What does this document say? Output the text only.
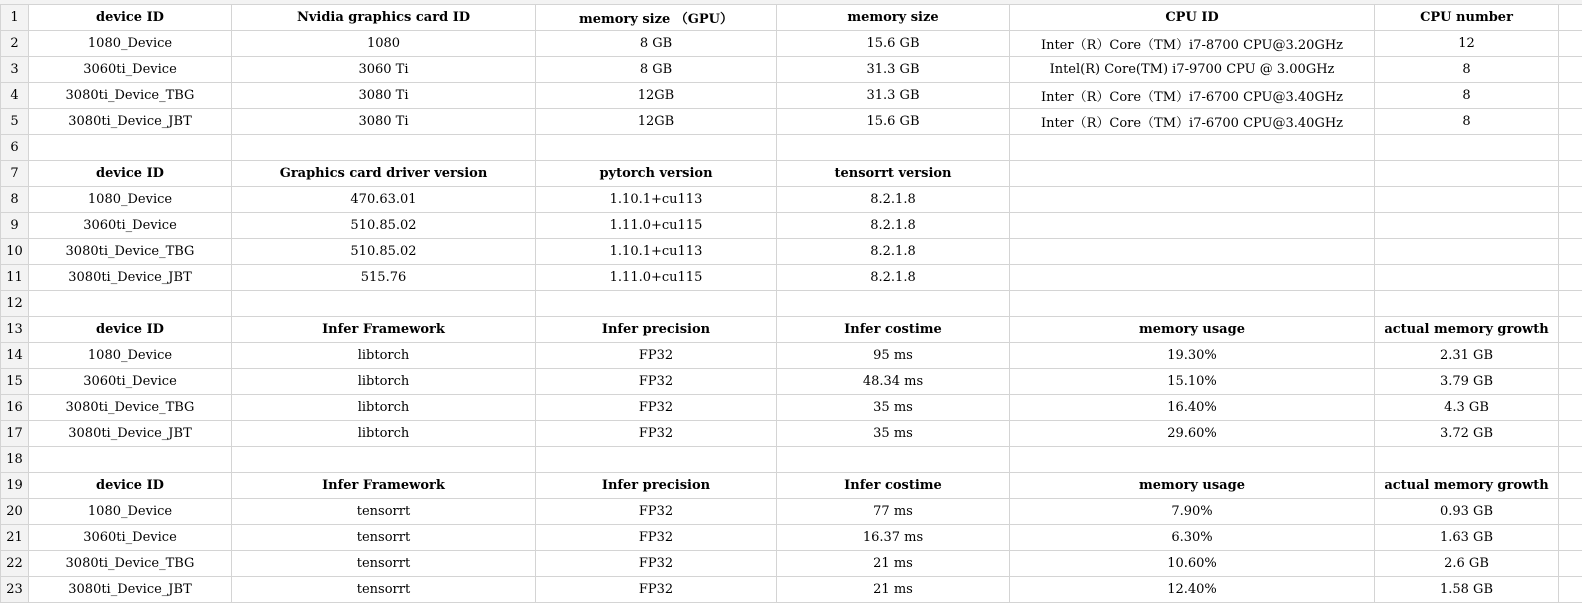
1	device ID	Nvidia graphics card ID	memory size （GPU）	memory size	CPU ID	CPU number	
2	1080_Device	1080	8 GB	15.6 GB	Inter（R）Core（TM）i7-8700 CPU@3.20GHz	12	
3	3060ti_Device	3060 Ti	8 GB	31.3 GB	Intel(R) Core(TM) i7-9700 CPU @ 3.00GHz	8	
4	3080ti_Device_TBG	3080 Ti	12GB	31.3 GB	Inter（R）Core（TM）i7-6700 CPU@3.40GHz	8	
5	3080ti_Device_JBT	3080 Ti	12GB	15.6 GB	Inter（R）Core（TM）i7-6700 CPU@3.40GHz	8	
6							
7	device ID	Graphics card driver version	pytorch version	tensorrt version			
8	1080_Device	470.63.01	1.10.1+cu113	8.2.1.8			
9	3060ti_Device	510.85.02	1.11.0+cu115	8.2.1.8			
10	3080ti_Device_TBG	510.85.02	1.10.1+cu113	8.2.1.8			
11	3080ti_Device_JBT	515.76	1.11.0+cu115	8.2.1.8			
12							
13	device ID	Infer Framework	Infer precision	Infer costime	memory usage	actual memory growth	
14	1080_Device	libtorch	FP32	95 ms	19.30%	2.31 GB	
15	3060ti_Device	libtorch	FP32	48.34 ms	15.10%	3.79 GB	
16	3080ti_Device_TBG	libtorch	FP32	35 ms	16.40%	4.3 GB	
17	3080ti_Device_JBT	libtorch	FP32	35 ms	29.60%	3.72 GB	
18							
19	device ID	Infer Framework	Infer precision	Infer costime	memory usage	actual memory growth	
20	1080_Device	tensorrt	FP32	77 ms	7.90%	0.93 GB	
21	3060ti_Device	tensorrt	FP32	16.37 ms	6.30%	1.63 GB	
22	3080ti_Device_TBG	tensorrt	FP32	21 ms	10.60%	2.6 GB	
23	3080ti_Device_JBT	tensorrt	FP32	21 ms	12.40%	1.58 GB	
